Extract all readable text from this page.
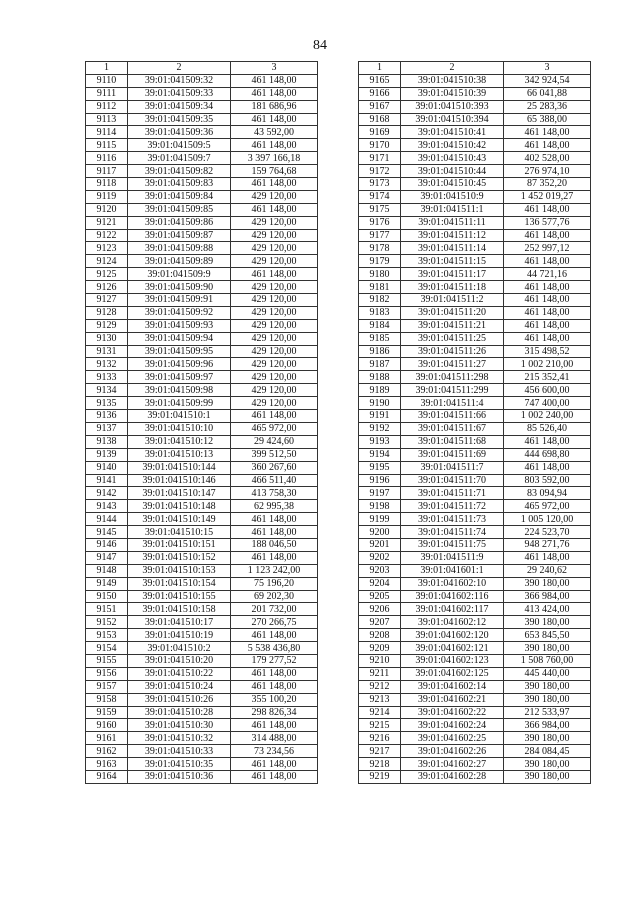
84
1	2	3
9110	39:01:041509:32	461 148,00
9111	39:01:041509:33	461 148,00
9112	39:01:041509:34	181 686,96
9113	39:01:041509:35	461 148,00
9114	39:01:041509:36	43 592,00
9115	39:01:041509:5	461 148,00
9116	39:01:041509:7	3 397 166,18
9117	39:01:041509:82	159 764,68
9118	39:01:041509:83	461 148,00
9119	39:01:041509:84	429 120,00
9120	39:01:041509:85	461 148,00
9121	39:01:041509:86	429 120,00
9122	39:01:041509:87	429 120,00
9123	39:01:041509:88	429 120,00
9124	39:01:041509:89	429 120,00
9125	39:01:041509:9	461 148,00
9126	39:01:041509:90	429 120,00
9127	39:01:041509:91	429 120,00
9128	39:01:041509:92	429 120,00
9129	39:01:041509:93	429 120,00
9130	39:01:041509:94	429 120,00
9131	39:01:041509:95	429 120,00
9132	39:01:041509:96	429 120,00
9133	39:01:041509:97	429 120,00
9134	39:01:041509:98	429 120,00
9135	39:01:041509:99	429 120,00
9136	39:01:041510:1	461 148,00
9137	39:01:041510:10	465 972,00
9138	39:01:041510:12	29 424,60
9139	39:01:041510:13	399 512,50
9140	39:01:041510:144	360 267,60
9141	39:01:041510:146	466 511,40
9142	39:01:041510:147	413 758,30
9143	39:01:041510:148	62 995,38
9144	39:01:041510:149	461 148,00
9145	39:01:041510:15	461 148,00
9146	39:01:041510:151	188 046,50
9147	39:01:041510:152	461 148,00
9148	39:01:041510:153	1 123 242,00
9149	39:01:041510:154	75 196,20
9150	39:01:041510:155	69 202,30
9151	39:01:041510:158	201 732,00
9152	39:01:041510:17	270 266,75
9153	39:01:041510:19	461 148,00
9154	39:01:041510:2	5 538 436,80
9155	39:01:041510:20	179 277,52
9156	39:01:041510:22	461 148,00
9157	39:01:041510:24	461 148,00
9158	39:01:041510:26	355 100,20
9159	39:01:041510:28	298 826,34
9160	39:01:041510:30	461 148,00
9161	39:01:041510:32	314 488,00
9162	39:01:041510:33	73 234,56
9163	39:01:041510:35	461 148,00
9164	39:01:041510:36	461 148,00
1	2	3
9165	39:01:041510:38	342 924,54
9166	39:01:041510:39	66 041,88
9167	39:01:041510:393	25 283,36
9168	39:01:041510:394	65 388,00
9169	39:01:041510:41	461 148,00
9170	39:01:041510:42	461 148,00
9171	39:01:041510:43	402 528,00
9172	39:01:041510:44	276 974,10
9173	39:01:041510:45	87 352,20
9174	39:01:041510:9	1 452 019,27
9175	39:01:041511:1	461 148,00
9176	39:01:041511:11	136 577,76
9177	39:01:041511:12	461 148,00
9178	39:01:041511:14	252 997,12
9179	39:01:041511:15	461 148,00
9180	39:01:041511:17	44 721,16
9181	39:01:041511:18	461 148,00
9182	39:01:041511:2	461 148,00
9183	39:01:041511:20	461 148,00
9184	39:01:041511:21	461 148,00
9185	39:01:041511:25	461 148,00
9186	39:01:041511:26	315 498,52
9187	39:01:041511:27	1 002 210,00
9188	39:01:041511:298	215 352,41
9189	39:01:041511:299	456 600,00
9190	39:01:041511:4	747 400,00
9191	39:01:041511:66	1 002 240,00
9192	39:01:041511:67	85 526,40
9193	39:01:041511:68	461 148,00
9194	39:01:041511:69	444 698,80
9195	39:01:041511:7	461 148,00
9196	39:01:041511:70	803 592,00
9197	39:01:041511:71	83 094,94
9198	39:01:041511:72	465 972,00
9199	39:01:041511:73	1 005 120,00
9200	39:01:041511:74	224 523,70
9201	39:01:041511:75	948 271,76
9202	39:01:041511:9	461 148,00
9203	39:01:041601:1	29 240,62
9204	39:01:041602:10	390 180,00
9205	39:01:041602:116	366 984,00
9206	39:01:041602:117	413 424,00
9207	39:01:041602:12	390 180,00
9208	39:01:041602:120	653 845,50
9209	39:01:041602:121	390 180,00
9210	39:01:041602:123	1 508 760,00
9211	39:01:041602:125	445 440,00
9212	39:01:041602:14	390 180,00
9213	39:01:041602:21	390 180,00
9214	39:01:041602:22	212 533,97
9215	39:01:041602:24	366 984,00
9216	39:01:041602:25	390 180,00
9217	39:01:041602:26	284 084,45
9218	39:01:041602:27	390 180,00
9219	39:01:041602:28	390 180,00
